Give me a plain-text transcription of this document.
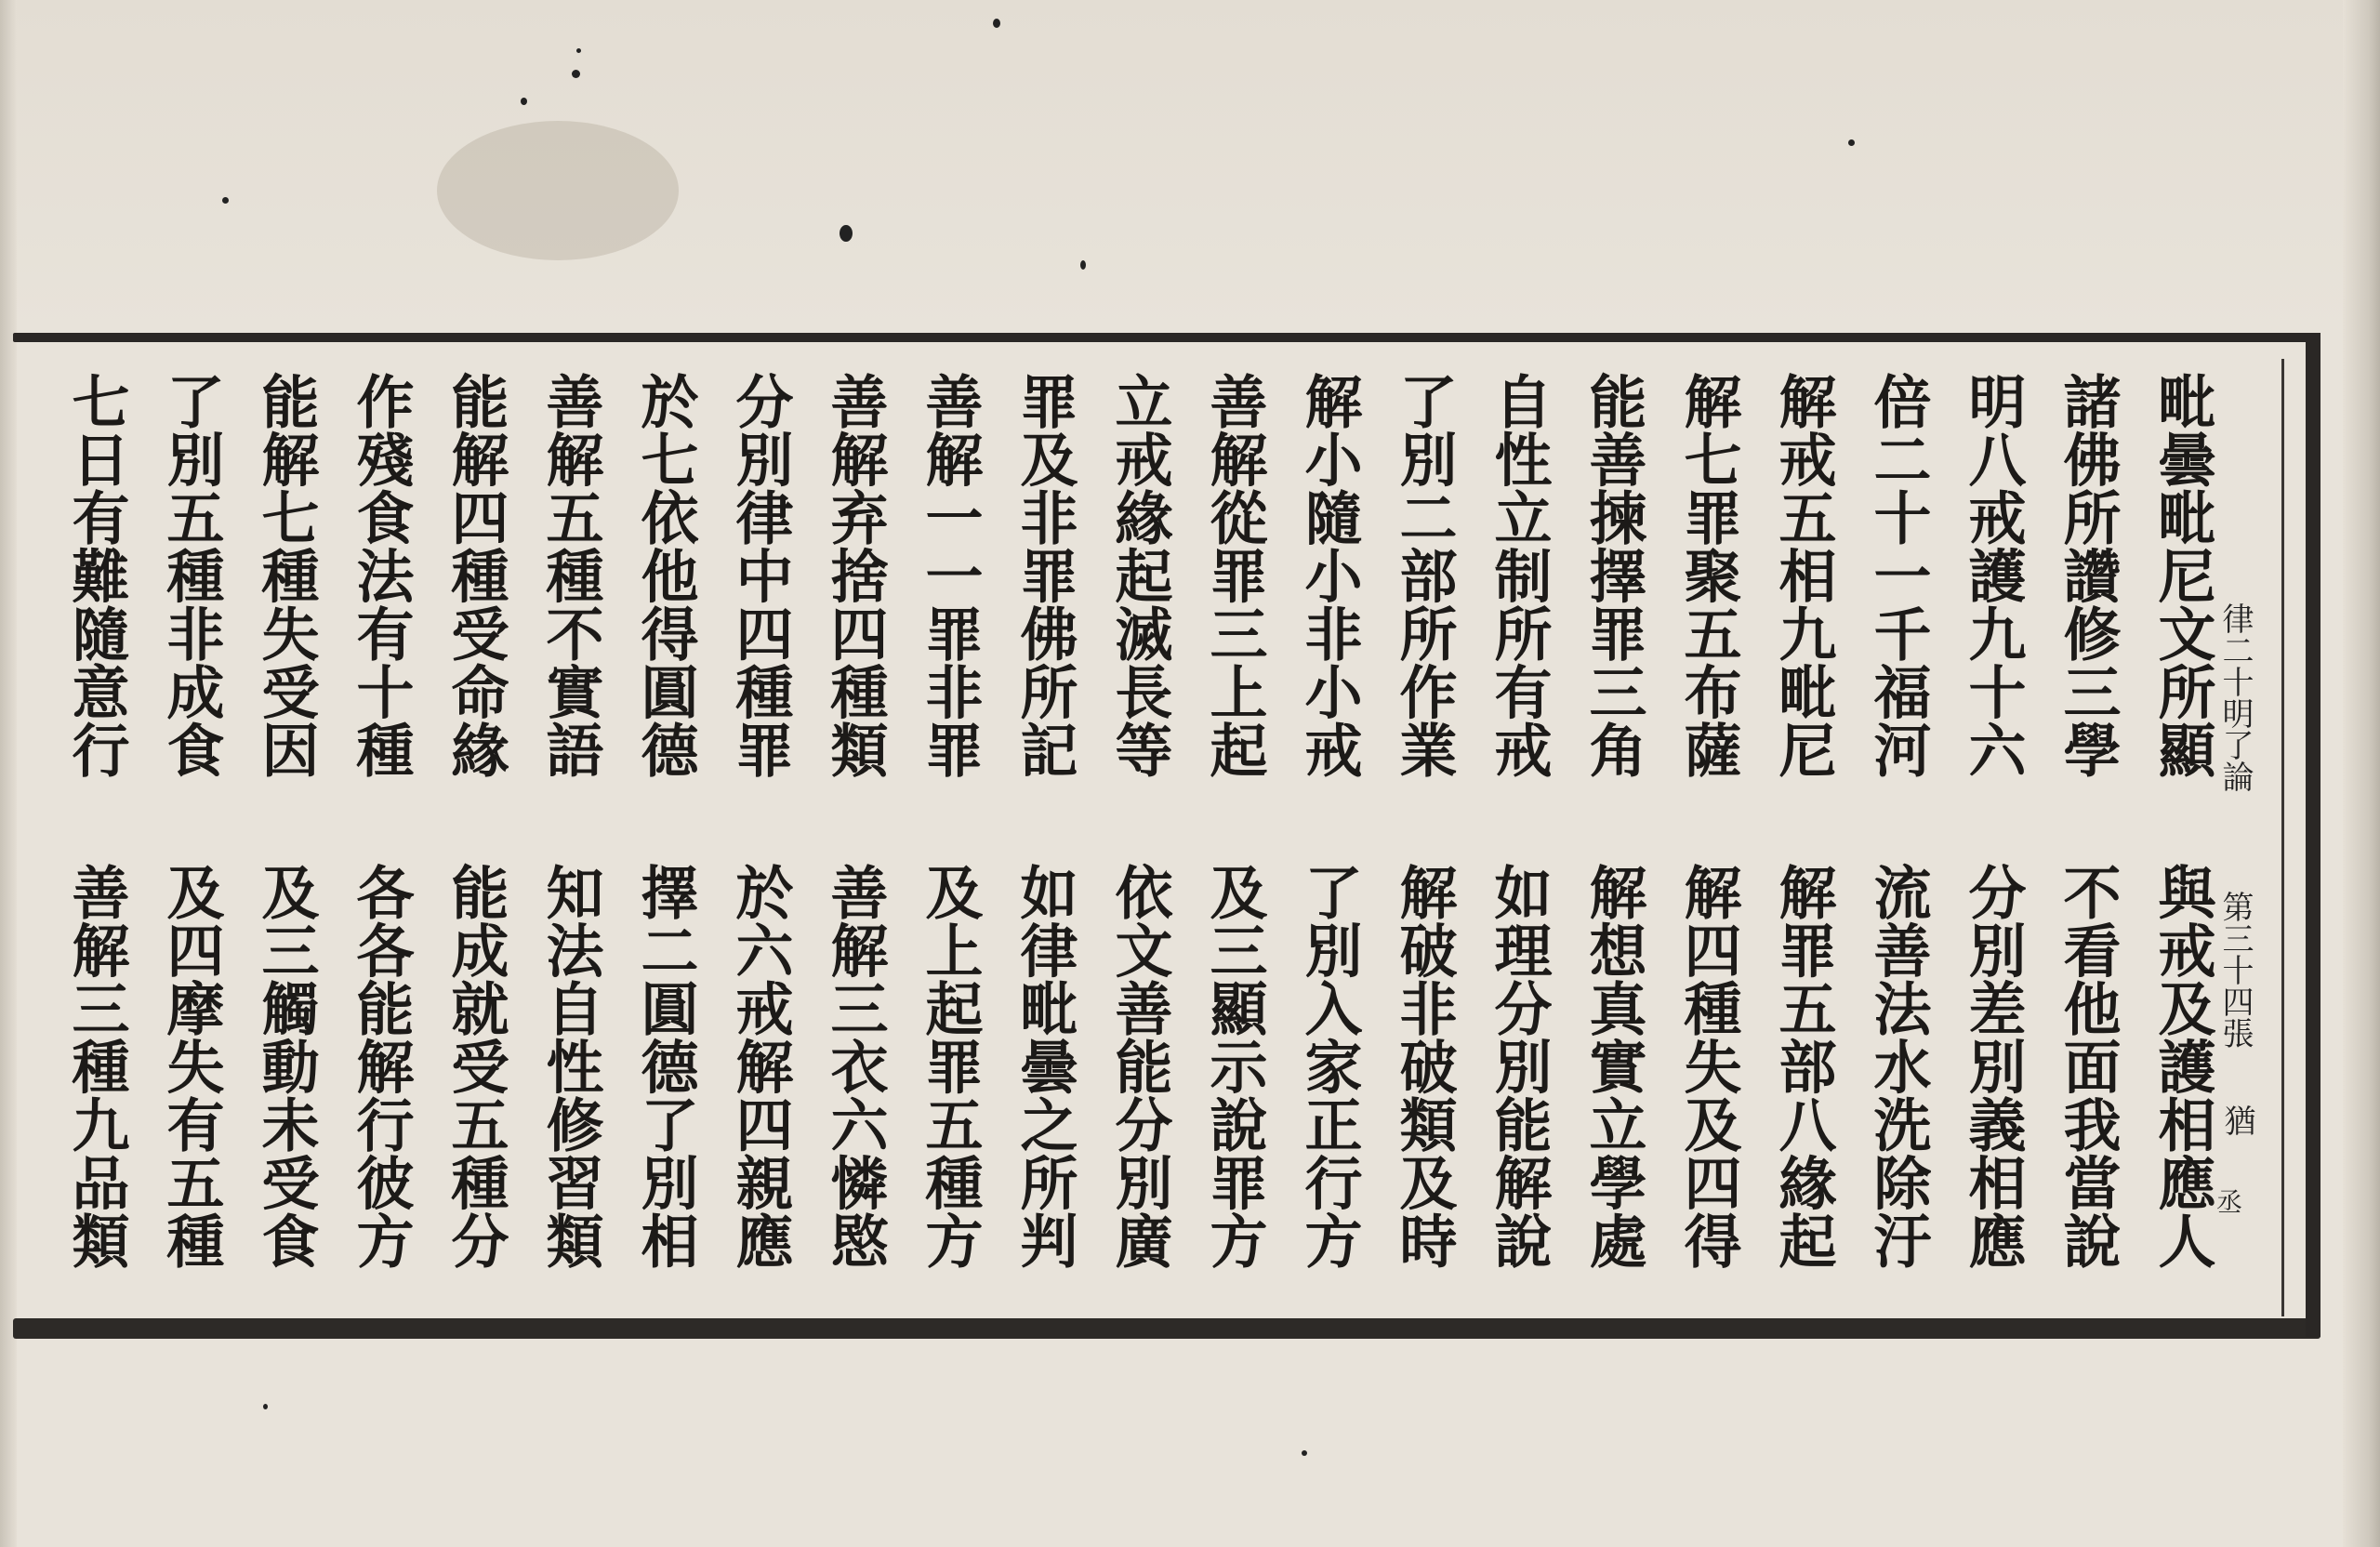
律二十明了論
第三十四張
猶
丞
毗曇毗尼文所顯
與戒及護相應人
諸佛所讚修三學
不看他面我當說
明八戒護九十六
分別差別義相應
倍二十一千福河
流善法水洗除汙
解戒五相九毗尼
解罪五部八緣起
解七罪聚五布薩
解四種失及四得
能善揀擇罪三角
解想真實立學處
自性立制所有戒
如理分別能解說
了別二部所作業
解破非破類及時
解小隨小非小戒
了別入家正行方
善解從罪三上起
及三顯示說罪方
立戒緣起滅長等
依文善能分別廣
罪及非罪佛所記
如律毗曇之所判
善解一一罪非罪
及上起罪五種方
善解弃捨四種類
善解三衣六憐愍
分別律中四種罪
於六戒解四親應
於七依他得圓德
擇二圓德了別相
善解五種不實語
知法自性修習類
能解四種受命緣
能成就受五種分
作殘食法有十種
各各能解行彼方
能解七種失受因
及三觸動未受食
了別五種非成食
及四摩失有五種
七日有難隨意行
善解三種九品類
